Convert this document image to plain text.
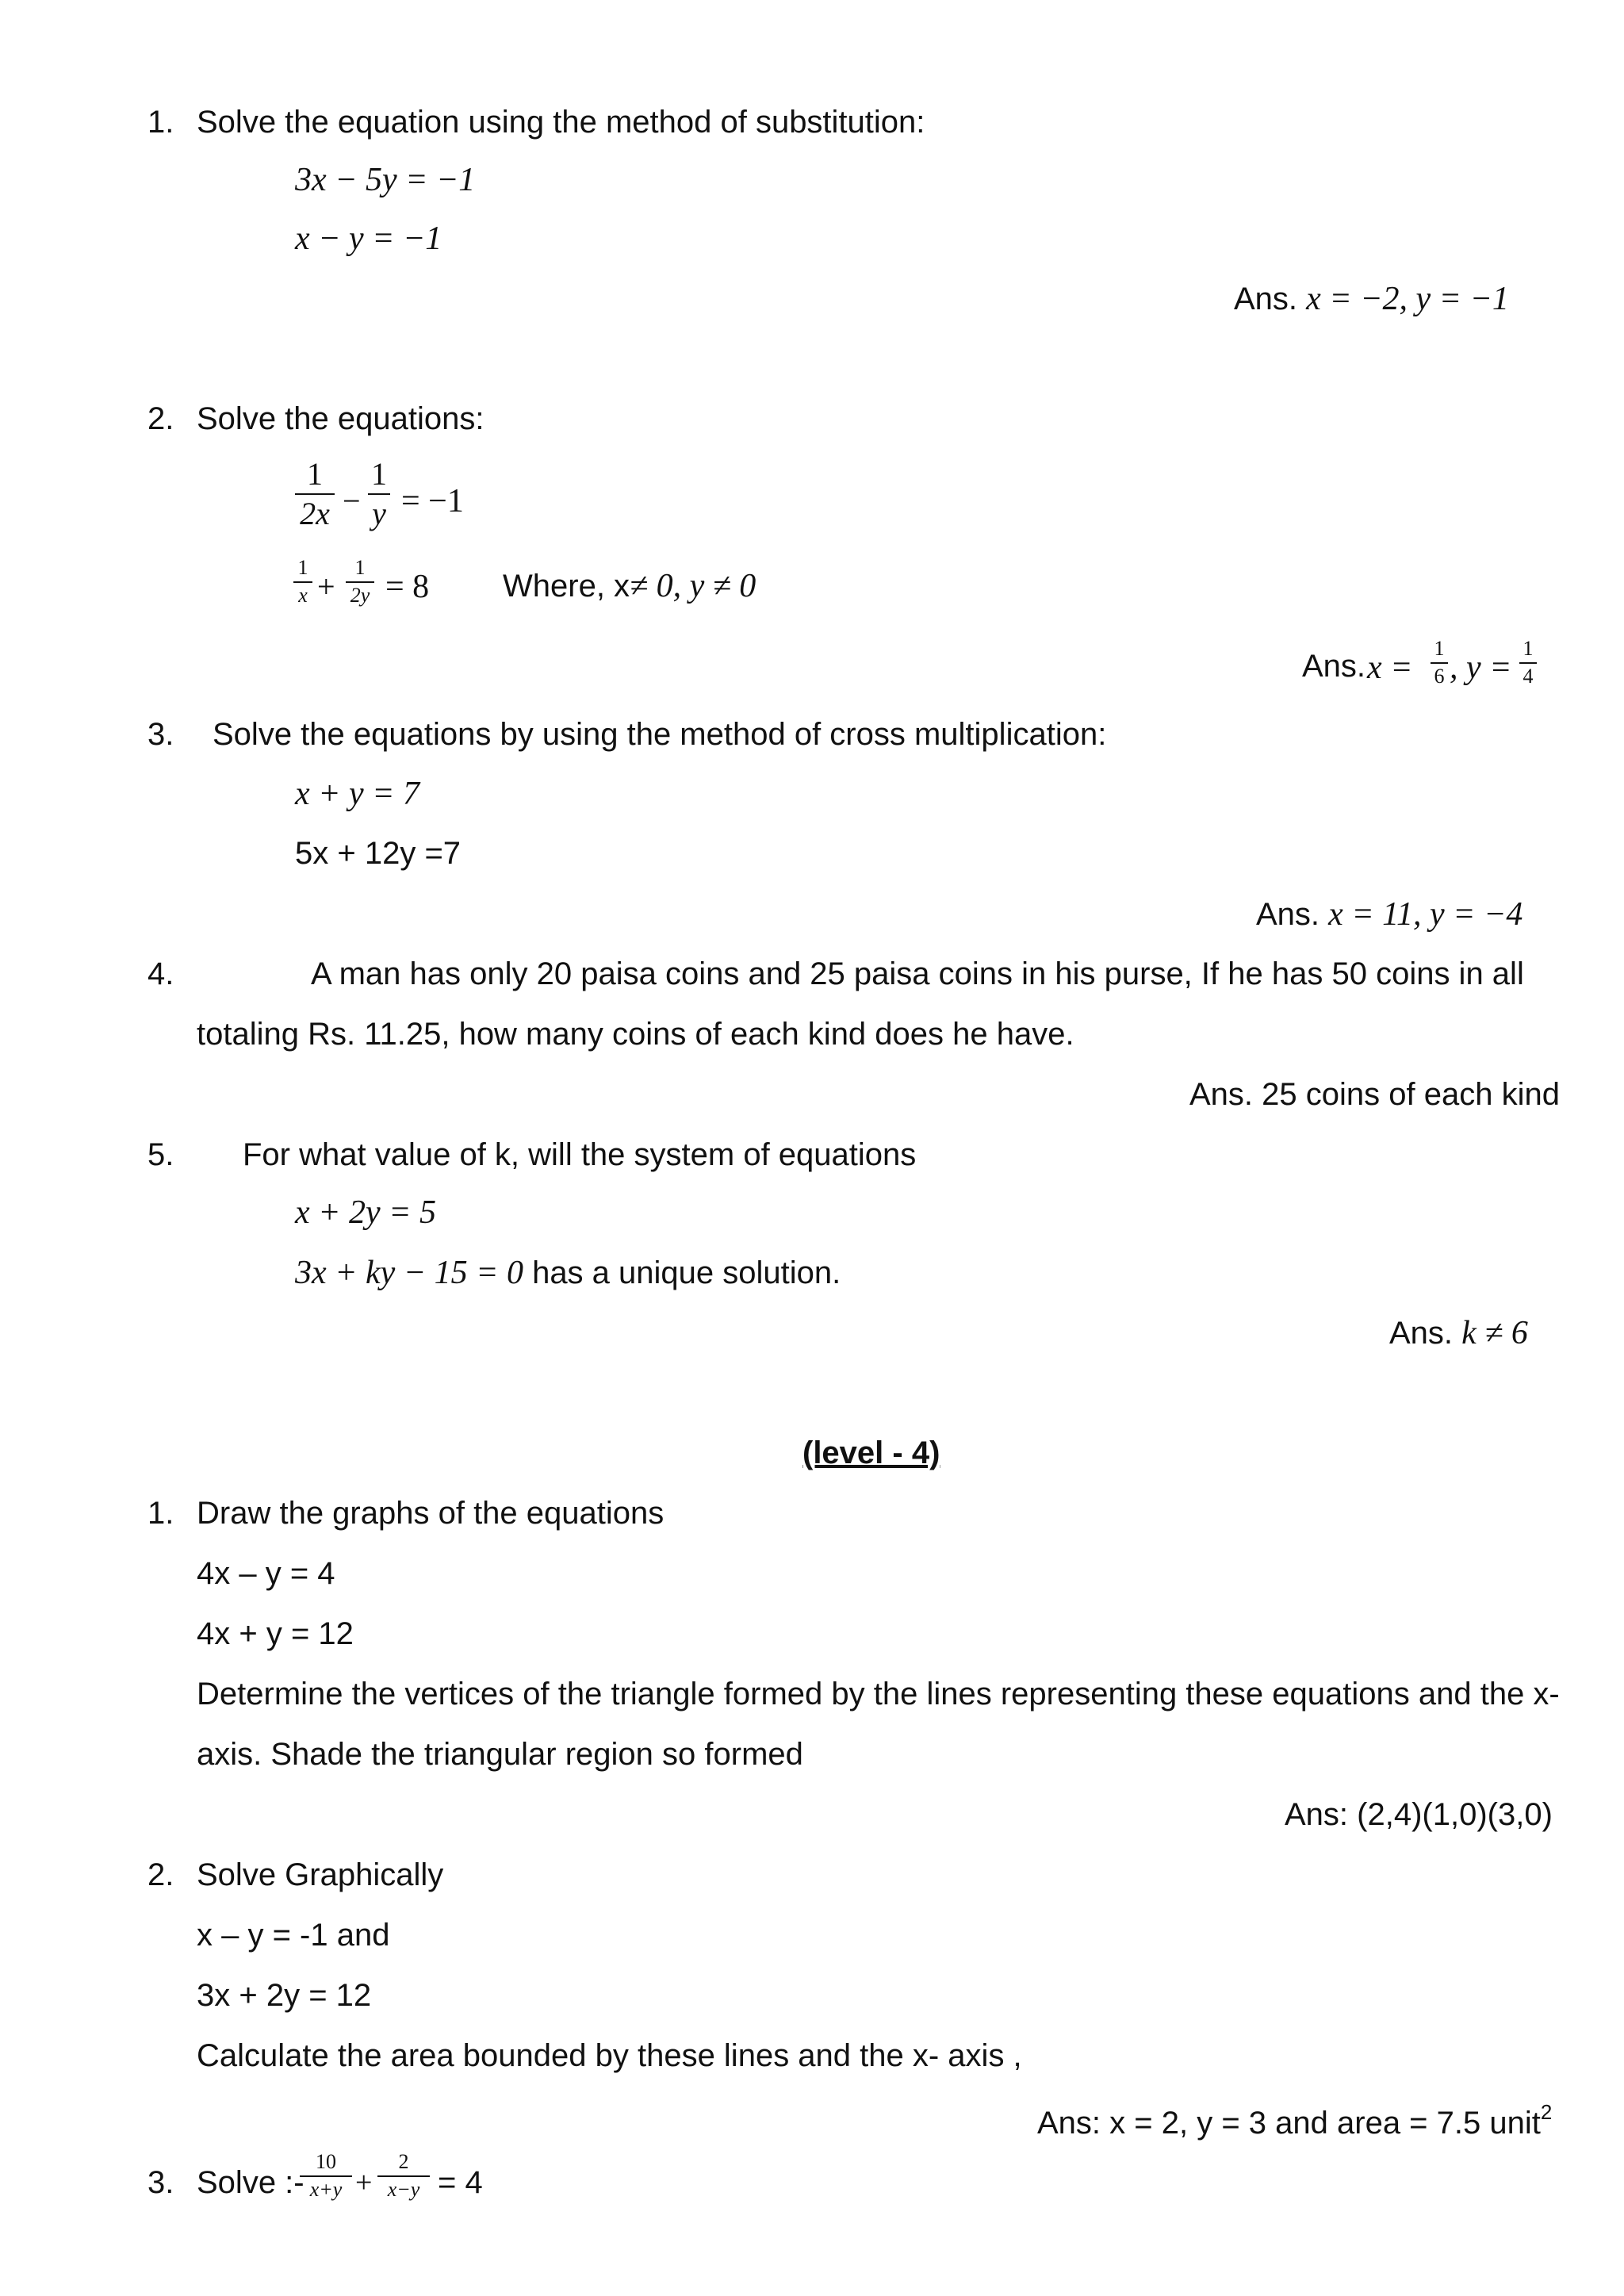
1. Solve the equation using the method of substitution:
3x − 5y = −1
x − y = −1
Ans. x = −2, y = −1
2. Solve the equations:
1
2x −
1
y = −1
1
x +
1
2y = 8 Where, x≠ 0, y ≠ 0
Ans. x =
1
6 , y =
1
4
3. Solve the equations by using the method of cross multiplication:
x + y = 7
5x + 12y =7
Ans. x = 11, y = −4
4.	A man has only 20 paisa coins and 25 paisa coins in his purse, If he has 50 coins in all
totaling Rs. 11.25, how many coins of each kind does he have.
Ans. 25 coins of each kind
5. For what value of k, will the system of equations
x + 2y = 5
3x + ky − 15 = 0 has a unique solution.
Ans. k ≠ 6
(level - 4)
1. Draw the graphs of the equations
4x – y = 4
4x + y = 12
Determine the vertices of the triangle formed by the lines representing these equations and the x-
axis. Shade the triangular region so formed
Ans: (2,4)(1,0)(3,0)
2. Solve Graphically
x – y = -1 and
3x + 2y = 12
Calculate the area bounded by these lines and the x- axis ,
Ans: x = 2, y = 3 and area = 7.5 unit$^2$
3. Solve :-
10
x+y +
2
x−y = 4
